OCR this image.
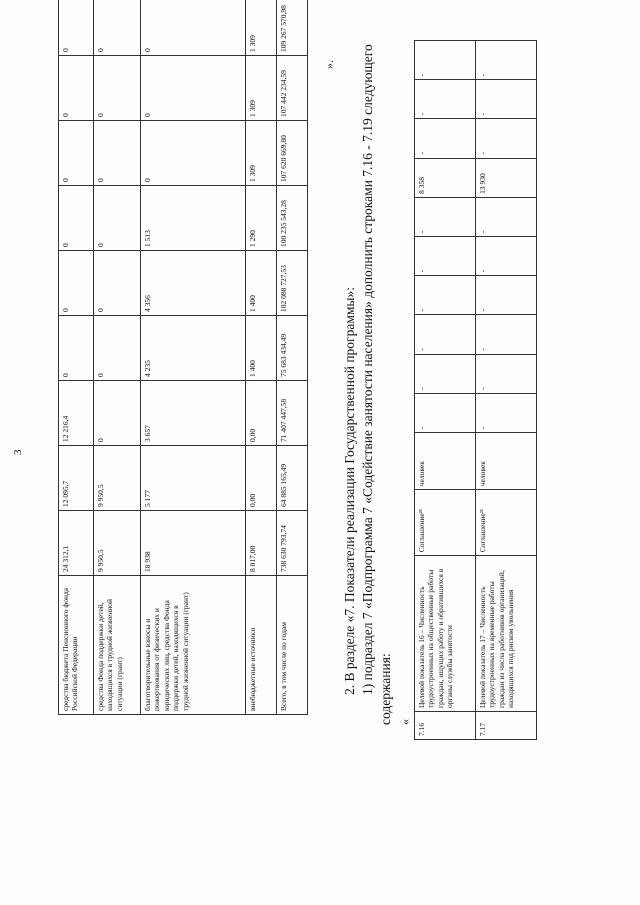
3
средства бюджета Пенсионного фонда Российской Федерации	24 312,1	12 095,7	12 216,4	0	0	0	0	0	0
средства Фонда поддержки детей, находящихся в трудной жизненной ситуации (грант)	9 950,5	9 950,5	0	0	0	0	0	0	0
благотворительные взносы и пожертвования от физических и юридических лиц, средства Фонда поддержки детей, находящихся в трудной жизненной ситуации (грант)	18 938	5 177	3 657	4 235	4 356	1 513	0	0	0
внебюджетные источники	8 017,00	0,00	0,00	1 400	1 400	1 290	1 309	1 309	1 309
Всего, в том числе по годам	738 630 793,74	64 885 165,49	71 407 447,58	75 683 434,49	102 088 727,53	100 235 543,28	107 620 669,80	107 442 234,59	109 267 570,98
».
2. В разделе «7. Показатели реализации Государственной программы»: 1) подраздел 7 «Подпрограмма 7 «Содействие занятости населения» дополнить строками 7.16 - 7.19 следующего содержания: «
7.16	Целевой показатель 16 – Численность трудоустроенных на общественные работы граждан, ищущих работу и обратившихся в органы службы занятости	Соглашение²¹	человек	-	-	-	-	-	-	8 358	-	-	-
7.17	Целевой показатель 17 – Численность трудоустроенных на временные работы граждан из числа работников организаций, находящихся под риском увольнения	Соглашение²¹	человек	-	-	-	-	-	-	13 930	-	-	-
